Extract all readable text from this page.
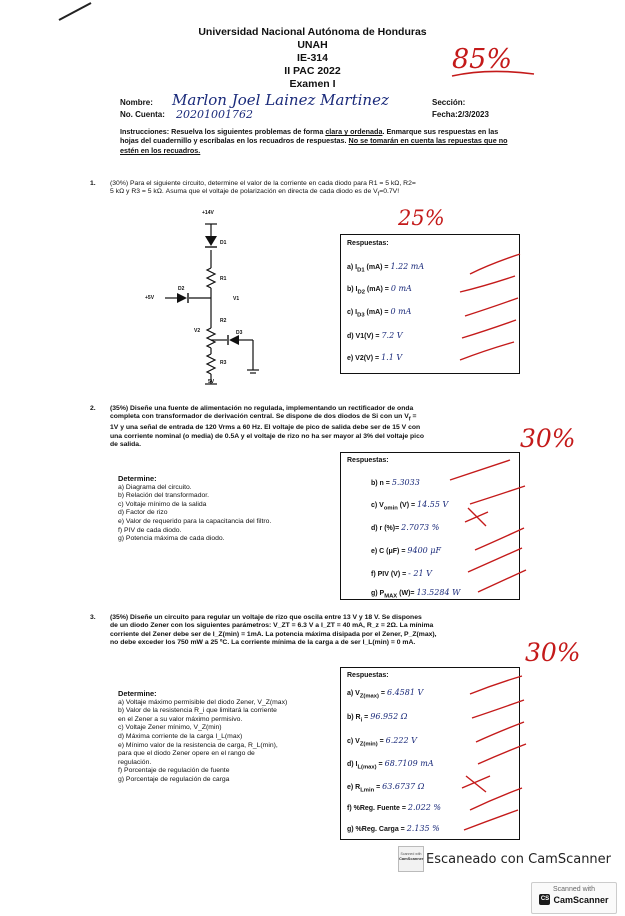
Universidad Nacional Autónoma de Honduras
UNAH
IE-314
II PAC 2022
Examen I
85%
Nombre: Marlon Joel Lainez Martinez
No. Cuenta: 20201001762
Sección:
Fecha:2/3/2023
Instrucciones: Resuelva los siguientes problemas de forma clara y ordenada. Enmarque sus respuestas en las hojas del cuadernillo y escríbalas en los recuadros de respuestas. No se tomarán en cuenta las repuestas que no estén en los recuadros.
1. (30%) Para el siguiente circuito, determine el valor de la corriente en cada diodo para R1 = 5 kΩ, R2=
5 kΩ y R3 = 5 kΩ. Asuma que el voltaje de polarización en directa de cada diodo es de $V_f=0.7V$!
25%
+14V
D1
R1
D2
+5V	V1
R2
D3
V2
R3
5V
Respuestas:
a) $I_{D1}$ (mA) = 1.22 mA
b) $I_{D2}$ (mA) = 0 mA
c) $I_{D3}$ (mA) = 0 mA
d) V1(V) = 7.2 V
e) V2(V) = 1.1 V
2. (35%) Diseñe una fuente de alimentación no regulada, implementando un rectificador de onda
completa con transformador de derivación central. Se dispone de dos diodos de Si con un $V_f$ =
1V y una señal de entrada de 120 Vrms a 60 Hz. El voltaje de pico de salida debe ser de 15 V con
una corriente nominal (o media) de 0.5A y el voltaje de rizo no ha ser mayor al 3% del voltaje pico
de salida.	30%
Determine:
a) Diagrama del circuito.
b) Relación del transformador.
c) Voltaje mínimo de la salida
d) Factor de rizo
e) Valor de requerido para la capacitancia del filtro.
f) PIV de cada diodo.
g) Potencia máxima de cada diodo.
Respuestas:
b) n = 5.3033
c) $V_{omin}$ (V) = 14.55 V
d) r (%)= 2.7073 %
e) C (μF) = 9400 μF
f) PIV (V) = - 21 V
g) $P_{MAX}$ (W)= 13.5284 W
3. (35%) Diseñe un circuito para regular un voltaje de rizo que oscila entre 13 V y 18 V. Se dispones
de un diodo Zener con los siguientes parámetros: V_ZT = 6.3 V a I_ZT = 40 mA, R_z = 2Ω. La mínima
corriente del Zener debe ser de I_Z(min) = 1mA. La potencia máxima disipada por el Zener, P_Z(max),
no debe exceder los 750 mW a 25 ºC. La corriente mínima de la carga a de ser I_L(min) = 0 mA.	30%
Determine:
a) Voltaje máximo permisible del diodo Zener, V_Z(max)
b) Valor de la resistencia R_i que limitará la corriente
en el Zener a su valor máximo permisivo.
c) Voltaje Zener mínimo, V_Z(min)
d) Máxima corriente de la carga I_L(max)
e) Mínimo valor de la resistencia de carga, R_L(min),
para que el diodo Zener opere en el rango de
regulación.
f) Porcentaje de regulación de fuente
g) Porcentaje de regulación de carga
Respuestas:
a) $V_{Z(max)} = 6.4581$ V
b) $R_i = 96.952$ Ω
c) $V_{Z(min)} = 6.222$ V
d) $I_{L(max)} = 68.7109$ mA
e) $R_{Lmin} = 63.6737$ Ω
f) %Reg. Fuente = 2.022 %
g) %Reg. Carga = 2.135 %
Scanned with
CamScanner Escaneado con CamScanner
Scanned with
CS CamScanner
